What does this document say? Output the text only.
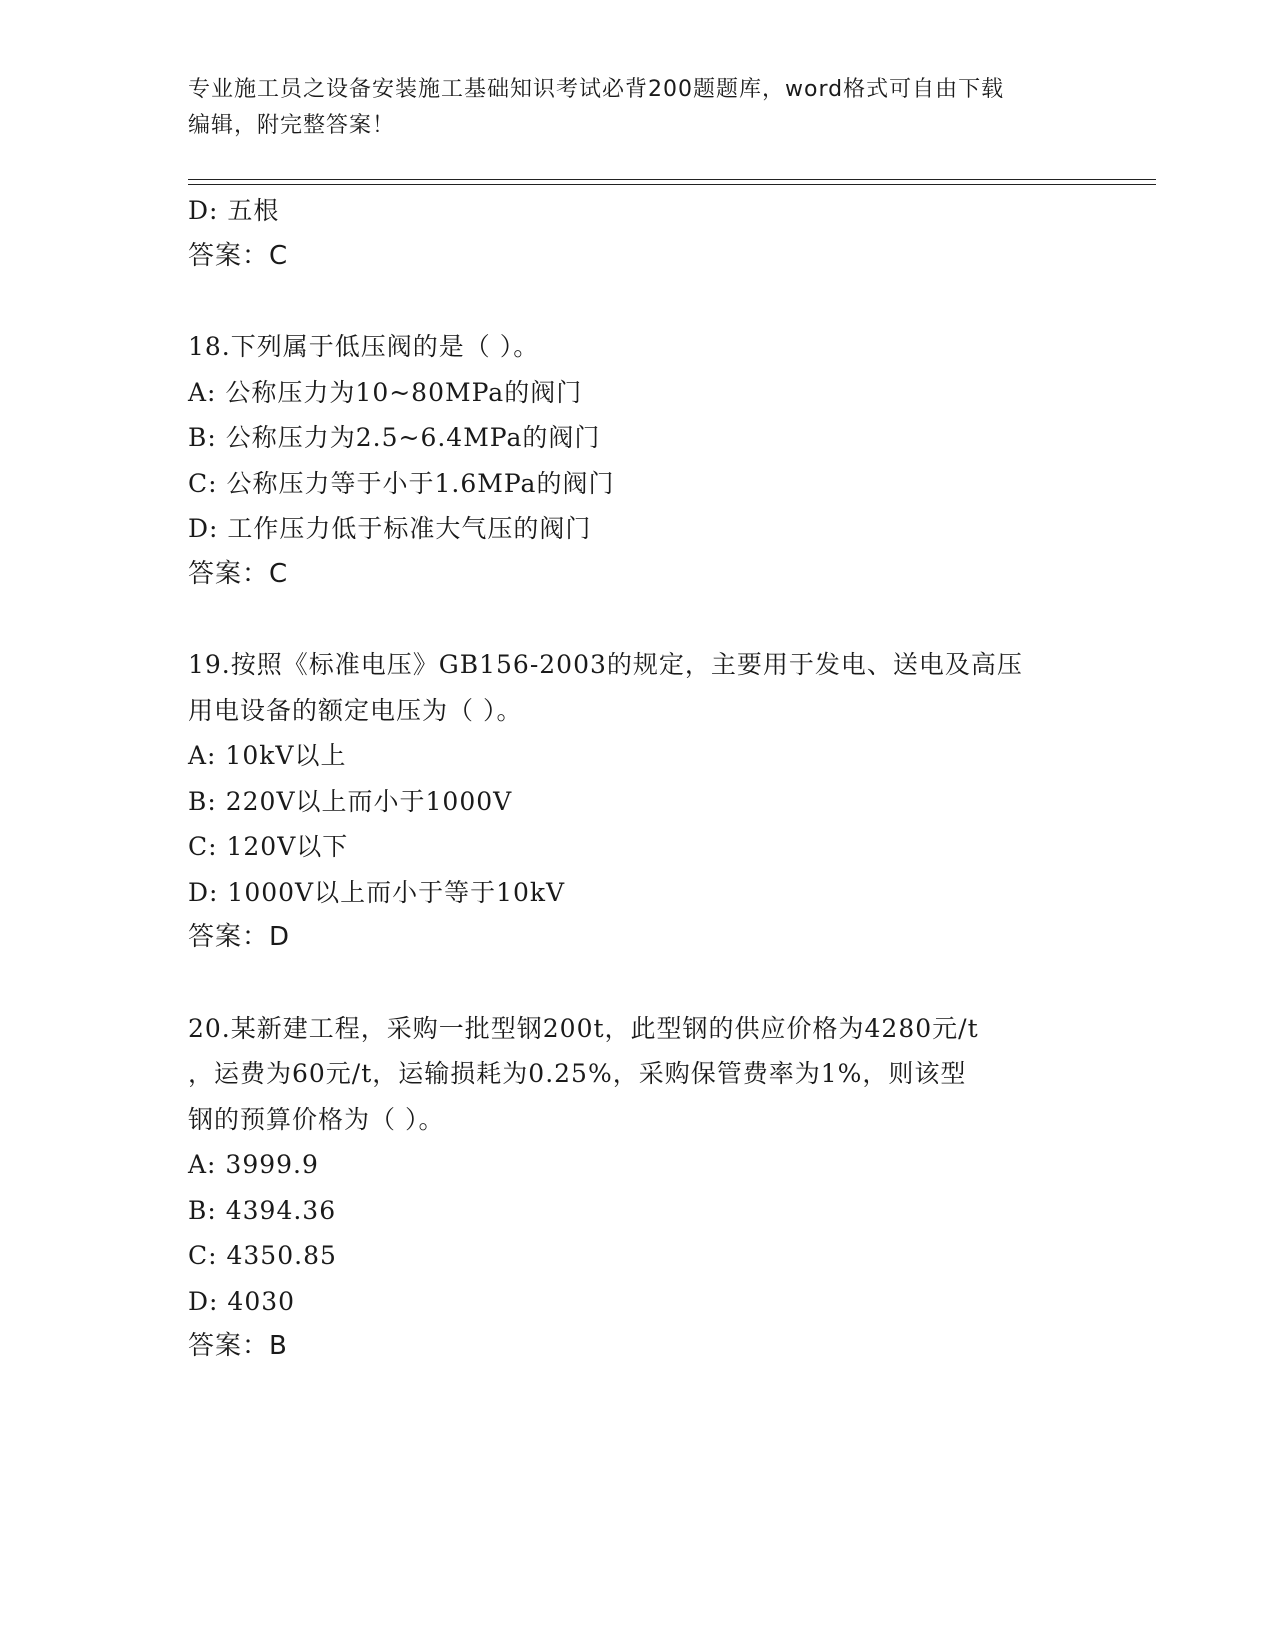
专业施工员之设备安装施工基础知识考试必背200题题库，word格式可自由下载
编辑，附完整答案！
D: 五根
答案：C
18.下列属于低压阀的是（ ）。
A: 公称压力为10~80MPa的阀门
B: 公称压力为2.5~6.4MPa的阀门
C: 公称压力等于小于1.6MPa的阀门
D: 工作压力低于标准大气压的阀门
答案：C
19.按照《标准电压》GB156-2003的规定，主要用于发电、送电及高压
用电设备的额定电压为（ ）。
A: 10kV以上
B: 220V以上而小于1000V
C: 120V以下
D: 1000V以上而小于等于10kV
答案：D
20.某新建工程，采购一批型钢200t，此型钢的供应价格为4280元/t
，运费为60元/t，运输损耗为0.25%，采购保管费率为1%，则该型
钢的预算价格为（ ）。
A: 3999.9
B: 4394.36
C: 4350.85
D: 4030
答案：B
